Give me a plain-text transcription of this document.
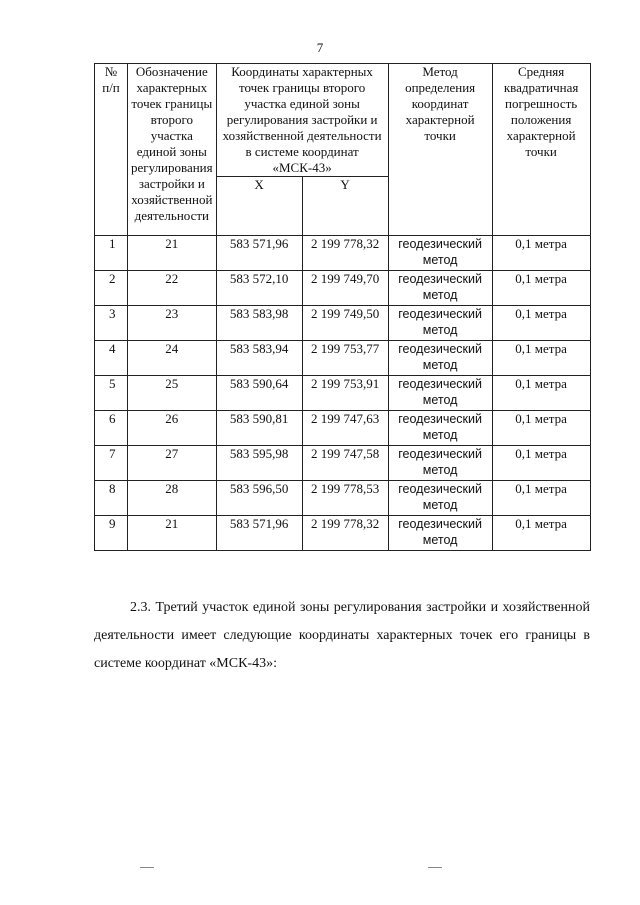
7
№ п/п	Обозначение характерных точек границы второго участка единой зоны регулирования застройки и хозяйственной деятельности	Координаты характерных точек границы второго участка единой зоны регулирования застройки и хозяйственной деятельности в системе координат «МСК-43»		Метод определения координат характерной точки	Средняя квадратичная погрешность положения характерной точки
		X	Y		
1	21	583 571,96	2 199 778,32	геодезический метод	0,1 метра
2	22	583 572,10	2 199 749,70	геодезический метод	0,1 метра
3	23	583 583,98	2 199 749,50	геодезический метод	0,1 метра
4	24	583 583,94	2 199 753,77	геодезический метод	0,1 метра
5	25	583 590,64	2 199 753,91	геодезический метод	0,1 метра
6	26	583 590,81	2 199 747,63	геодезический метод	0,1 метра
7	27	583 595,98	2 199 747,58	геодезический метод	0,1 метра
8	28	583 596,50	2 199 778,53	геодезический метод	0,1 метра
9	21	583 571,96	2 199 778,32	геодезический метод	0,1 метра

2.3. Третий участок единой зоны регулирования застройки и хозяйственной деятельности имеет следующие координаты характерных точек его границы в системе координат «МСК-43»:
